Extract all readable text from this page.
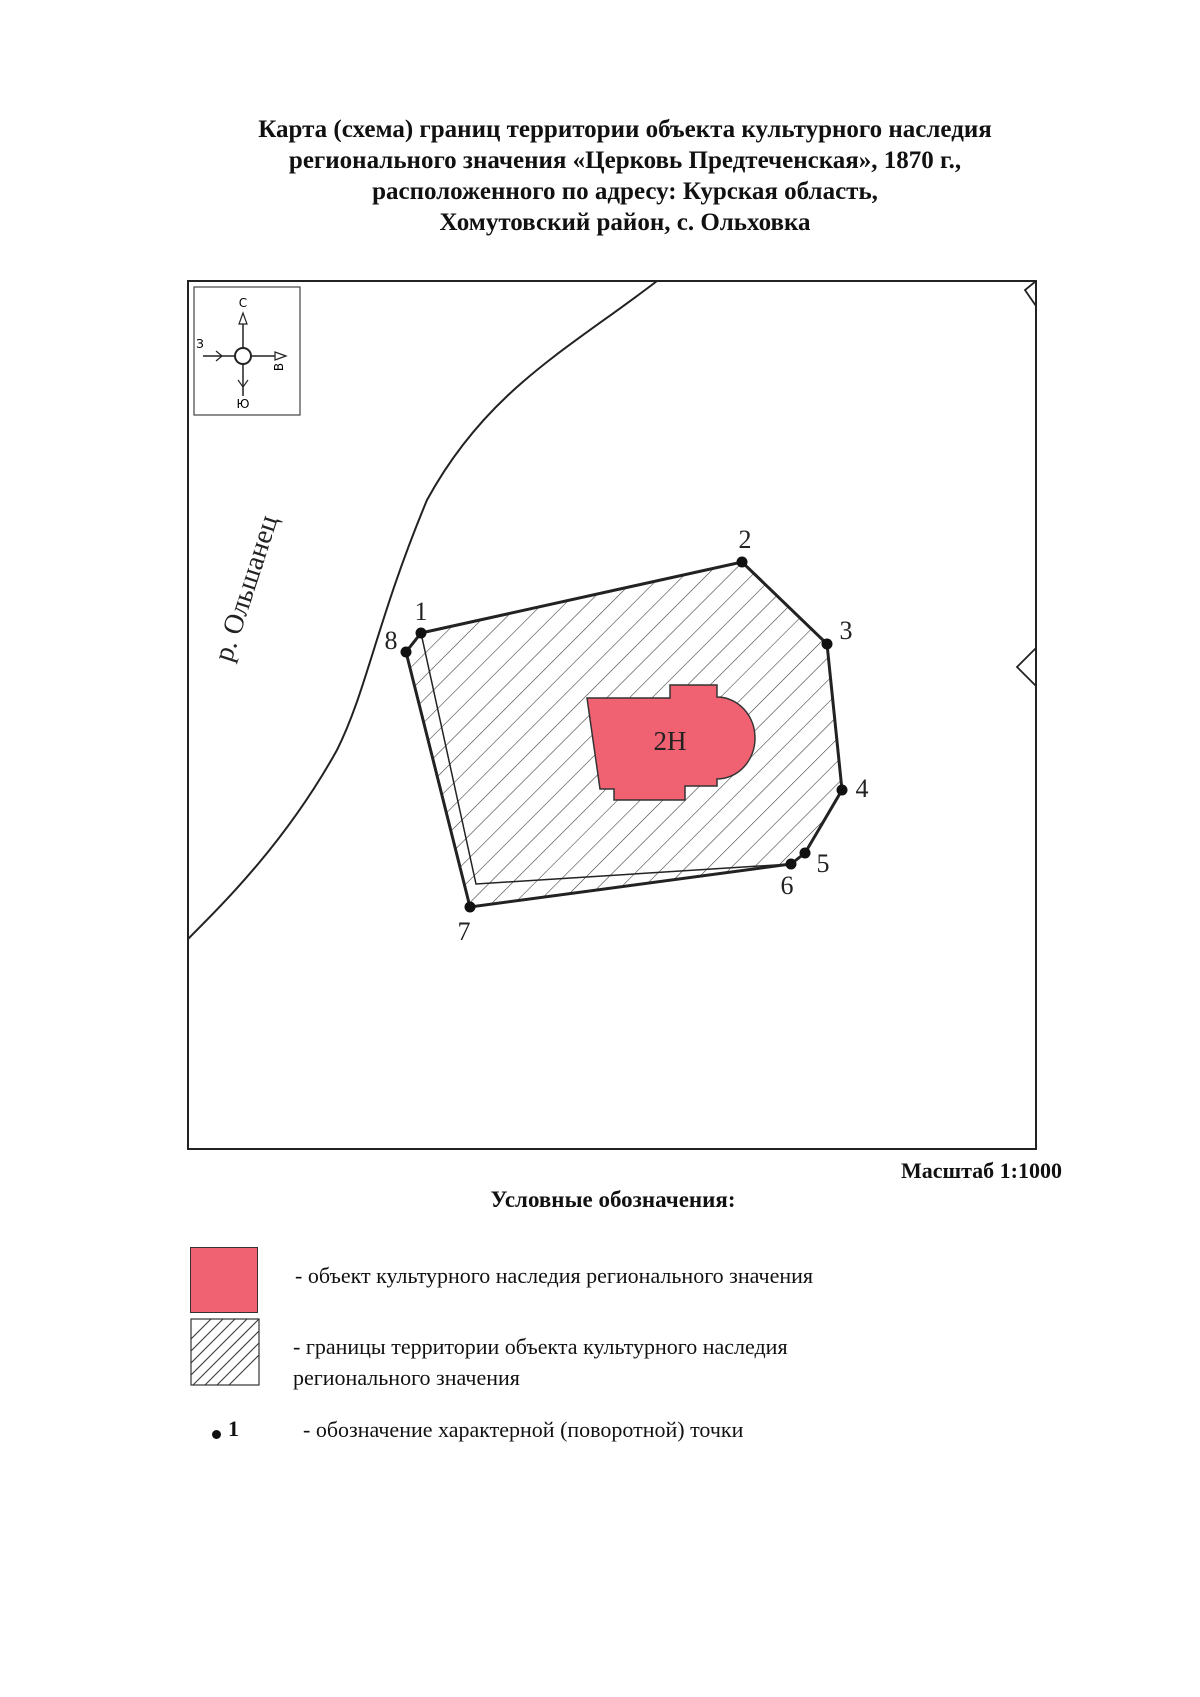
Карта (схема) границ территории объекта культурного наследия
регионального значения «Церковь Предтеченская», 1870 г.,
расположенного по адресу: Курская область,
Хомутовский район, с. Ольховка
С
Ю
З
В
р. Ольшанец
2Н
1
2
3
4
5
6
7
8
Масштаб 1:1000
Условные обозначения:
- объект культурного наследия регионального значения
- границы территории объекта культурного наследия
регионального значения
1	- обозначение характерной (поворотной) точки
